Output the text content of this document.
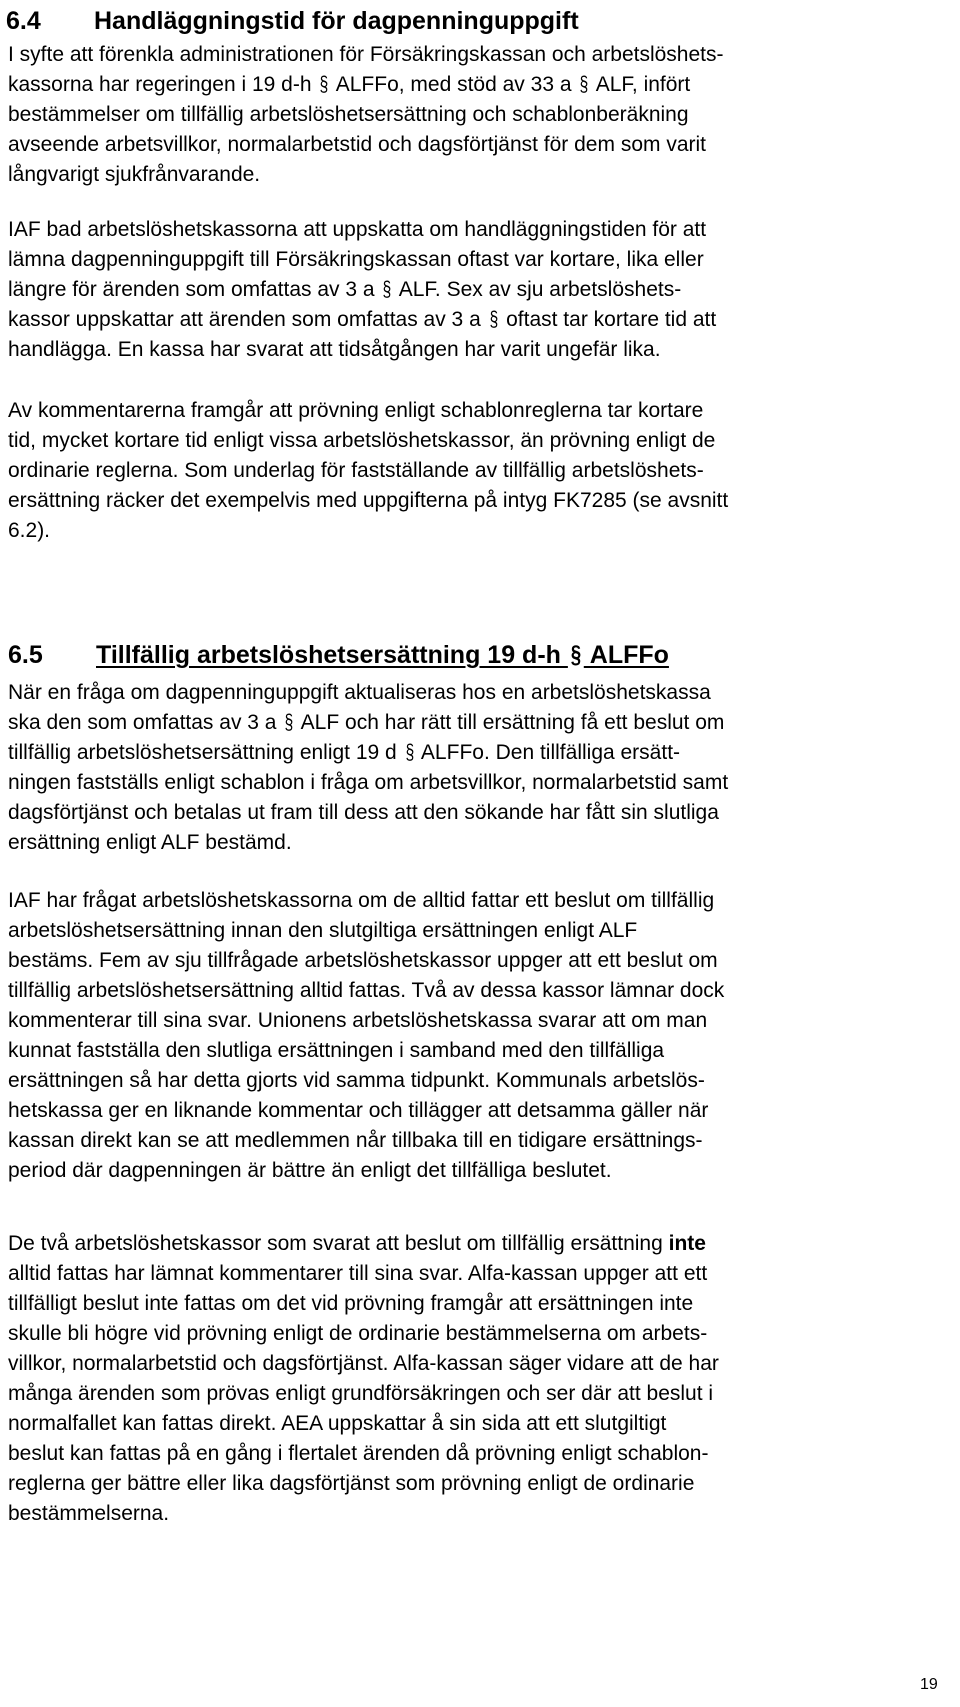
6.4 Handläggningstid för dagpenninguppgift

I syfte att förenkla administrationen för Försäkringskassan och arbetslöshets-
kassorna har regeringen i 19 d-h § ALFFo, med stöd av 33 a § ALF, infört
bestämmelser om tillfällig arbetslöshetsersättning och schablonberäkning
avseende arbetsvillkor, normalarbetstid och dagsförtjänst för dem som varit
långvarigt sjukfrånvarande.

IAF bad arbetslöshetskassorna att uppskatta om handläggningstiden för att
lämna dagpenninguppgift till Försäkringskassan oftast var kortare, lika eller
längre för ärenden som omfattas av 3 a § ALF. Sex av sju arbetslöshets-
kassor uppskattar att ärenden som omfattas av 3 a § oftast tar kortare tid att
handlägga. En kassa har svarat att tidsåtgången har varit ungefär lika.

Av kommentarerna framgår att prövning enligt schablonreglerna tar kortare
tid, mycket kortare tid enligt vissa arbetslöshetskassor, än prövning enligt de
ordinarie reglerna. Som underlag för fastställande av tillfällig arbetslöshets-
ersättning räcker det exempelvis med uppgifterna på intyg FK7285 (se avsnitt
6.2).

6.5 Tillfällig arbetslöshetsersättning 19 d-h § ALFFo

När en fråga om dagpenninguppgift aktualiseras hos en arbetslöshetskassa
ska den som omfattas av 3 a § ALF och har rätt till ersättning få ett beslut om
tillfällig arbetslöshetsersättning enligt 19 d § ALFFo. Den tillfälliga ersätt-
ningen fastställs enligt schablon i fråga om arbetsvillkor, normalarbetstid samt
dagsförtjänst och betalas ut fram till dess att den sökande har fått sin slutliga
ersättning enligt ALF bestämd.

IAF har frågat arbetslöshetskassorna om de alltid fattar ett beslut om tillfällig
arbetslöshetsersättning innan den slutgiltiga ersättningen enligt ALF
bestäms. Fem av sju tillfrågade arbetslöshetskassor uppger att ett beslut om
tillfällig arbetslöshetsersättning alltid fattas. Två av dessa kassor lämnar dock
kommenterar till sina svar. Unionens arbetslöshetskassa svarar att om man
kunnat fastställa den slutliga ersättningen i samband med den tillfälliga
ersättningen så har detta gjorts vid samma tidpunkt. Kommunals arbetslös-
hetskassa ger en liknande kommentar och tillägger att detsamma gäller när
kassan direkt kan se att medlemmen når tillbaka till en tidigare ersättnings-
period där dagpenningen är bättre än enligt det tillfälliga beslutet.

De två arbetslöshetskassor som svarat att beslut om tillfällig ersättning inte
alltid fattas har lämnat kommentarer till sina svar. Alfa-kassan uppger att ett
tillfälligt beslut inte fattas om det vid prövning framgår att ersättningen inte
skulle bli högre vid prövning enligt de ordinarie bestämmelserna om arbets-
villkor, normalarbetstid och dagsförtjänst. Alfa-kassan säger vidare att de har
många ärenden som prövas enligt grundförsäkringen och ser där att beslut i
normalfallet kan fattas direkt. AEA uppskattar å sin sida att ett slutgiltigt
beslut kan fattas på en gång i flertalet ärenden då prövning enligt schablon-
reglerna ger bättre eller lika dagsförtjänst som prövning enligt de ordinarie
bestämmelserna.

19
